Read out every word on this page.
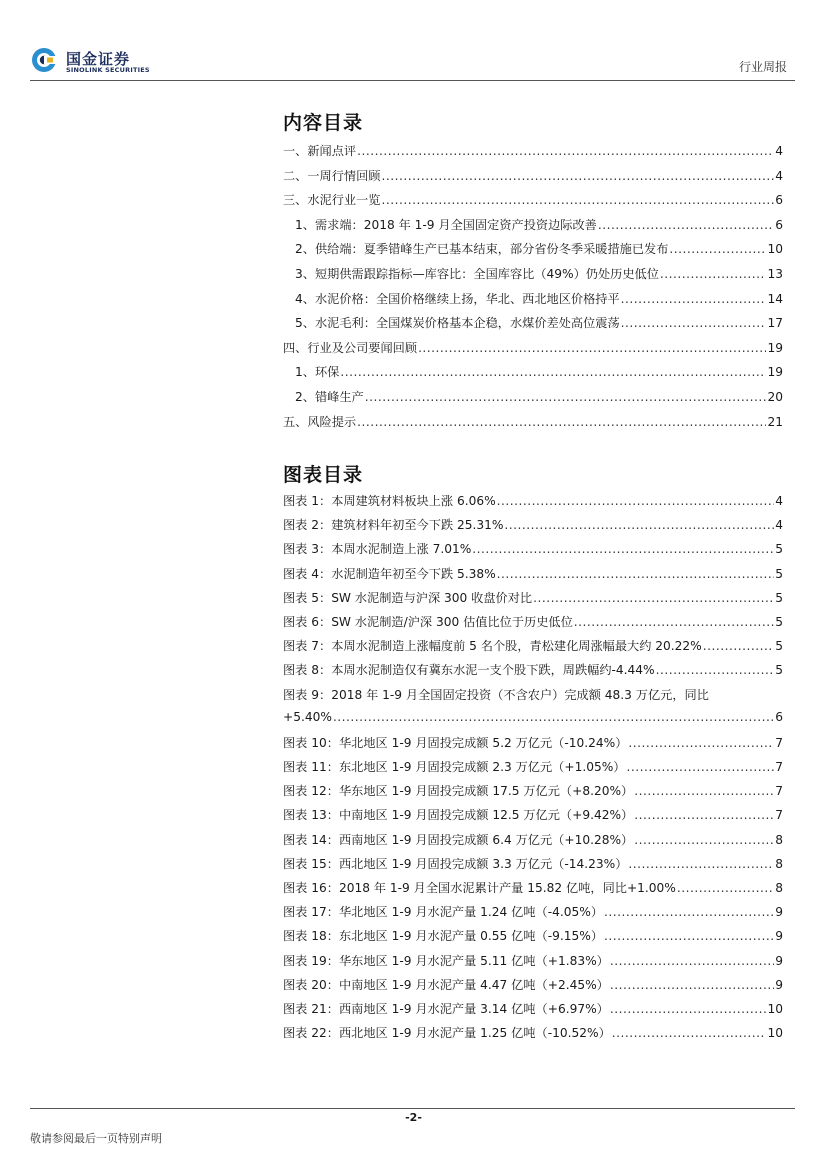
国金证券
SINOLINK SECURITIES	行业周报
内容目录
一、新闻点评 .....	4
二、一周行情回顾 .....	4
三、水泥行业一览 .....	6
1、需求端：2018 年 1-9 月全国固定资产投资边际改善 .....	6
2、供给端：夏季错峰生产已基本结束，部分省份冬季采暖措施已发布 .....	10
3、短期供需跟踪指标—库容比：全国库容比（49%）仍处历史低位 .....	13
4、水泥价格：全国价格继续上扬，华北、西北地区价格持平 .....	14
5、水泥毛利：全国煤炭价格基本企稳，水煤价差处高位震荡 .....	17
四、行业及公司要闻回顾 .....	19
1、环保 .....	19
2、错峰生产 .....	20
五、风险提示 .....	21
图表目录
图表 1：本周建筑材料板块上涨 6.06% .....	4
图表 2：建筑材料年初至今下跌 25.31% .....	4
图表 3：本周水泥制造上涨 7.01% .....	5
图表 4：水泥制造年初至今下跌 5.38% .....	5
图表 5：SW 水泥制造与沪深 300 收盘价对比 .....	5
图表 6：SW 水泥制造/沪深 300 估值比位于历史低位 .....	5
图表 7：本周水泥制造上涨幅度前 5 名个股，青松建化周涨幅最大约 20.22% .....	5
图表 8：本周水泥制造仅有冀东水泥一支个股下跌，周跌幅约-4.44% .....	5
图表 9：2018 年 1-9 月全国固定投资（不含农户）完成额 48.3 万亿元，同比
+5.40% .....	6
图表 10：华北地区 1-9 月固投完成额 5.2 万亿元（-10.24%） .....	7
图表 11：东北地区 1-9 月固投完成额 2.3 万亿元（+1.05%） .....	7
图表 12：华东地区 1-9 月固投完成额 17.5 万亿元（+8.20%） .....	7
图表 13：中南地区 1-9 月固投完成额 12.5 万亿元（+9.42%） .....	7
图表 14：西南地区 1-9 月固投完成额 6.4 万亿元（+10.28%） .....	8
图表 15：西北地区 1-9 月固投完成额 3.3 万亿元（-14.23%） .....	8
图表 16：2018 年 1-9 月全国水泥累计产量 15.82 亿吨，同比+1.00% .....	8
图表 17：华北地区 1-9 月水泥产量 1.24 亿吨（-4.05%） .....	9
图表 18：东北地区 1-9 月水泥产量 0.55 亿吨（-9.15%） .....	9
图表 19：华东地区 1-9 月水泥产量 5.11 亿吨（+1.83%） .....	9
图表 20：中南地区 1-9 月水泥产量 4.47 亿吨（+2.45%） .....	9
图表 21：西南地区 1-9 月水泥产量 3.14 亿吨（+6.97%） .....	10
图表 22：西北地区 1-9 月水泥产量 1.25 亿吨（-10.52%） .....	10
-2-
敬请参阅最后一页特别声明
